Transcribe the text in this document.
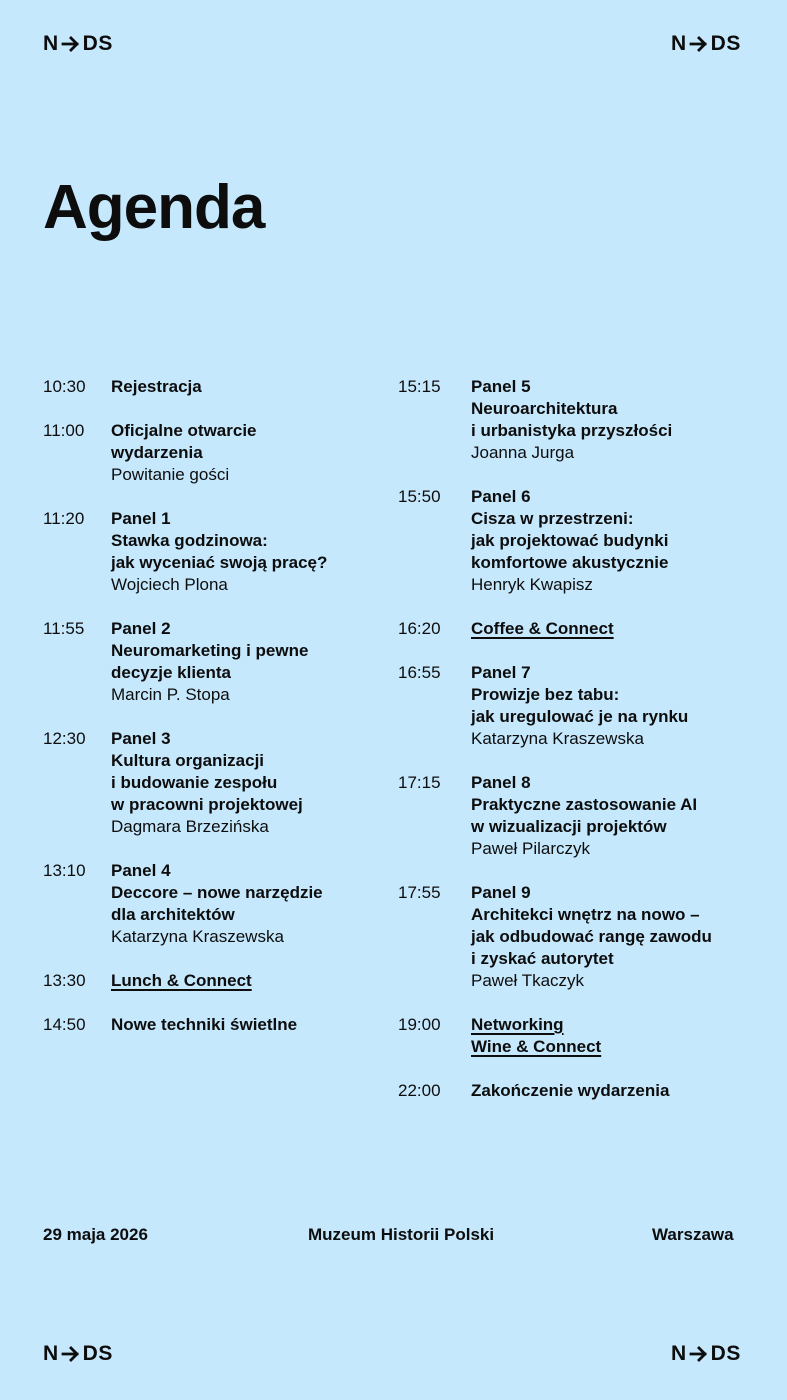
N DS	N DS
Agenda
10:30	Rejestracja
11:00	Oficjalne otwarcie
wydarzenia
Powitanie gości
11:20	Panel 1
Stawka godzinowa:
jak wyceniać swoją pracę?
Wojciech Plona
11:55	Panel 2
Neuromarketing i pewne
decyzje klienta
Marcin P. Stopa
12:30	Panel 3
Kultura organizacji
i budowanie zespołu
w pracowni projektowej
Dagmara Brzezińska
13:10	Panel 4
Deccore – nowe narzędzie
dla architektów
Katarzyna Kraszewska
13:30	Lunch & Connect
14:50	Nowe techniki świetlne
15:15	Panel 5
Neuroarchitektura
i urbanistyka przyszłości
Joanna Jurga
15:50	Panel 6
Cisza w przestrzeni:
jak projektować budynki
komfortowe akustycznie
Henryk Kwapisz
16:20	Coffee & Connect
16:55	Panel 7
Prowizje bez tabu:
jak uregulować je na rynku
Katarzyna Kraszewska
17:15	Panel 8
Praktyczne zastosowanie AI
w wizualizacji projektów
Paweł Pilarczyk
17:55	Panel 9
Architekci wnętrz na nowo –
jak odbudować rangę zawodu
i zyskać autorytet
Paweł Tkaczyk
19:00	Networking
Wine & Connect
22:00	Zakończenie wydarzenia
29 maja 2026	Muzeum Historii Polski	Warszawa
N DS	N DS
